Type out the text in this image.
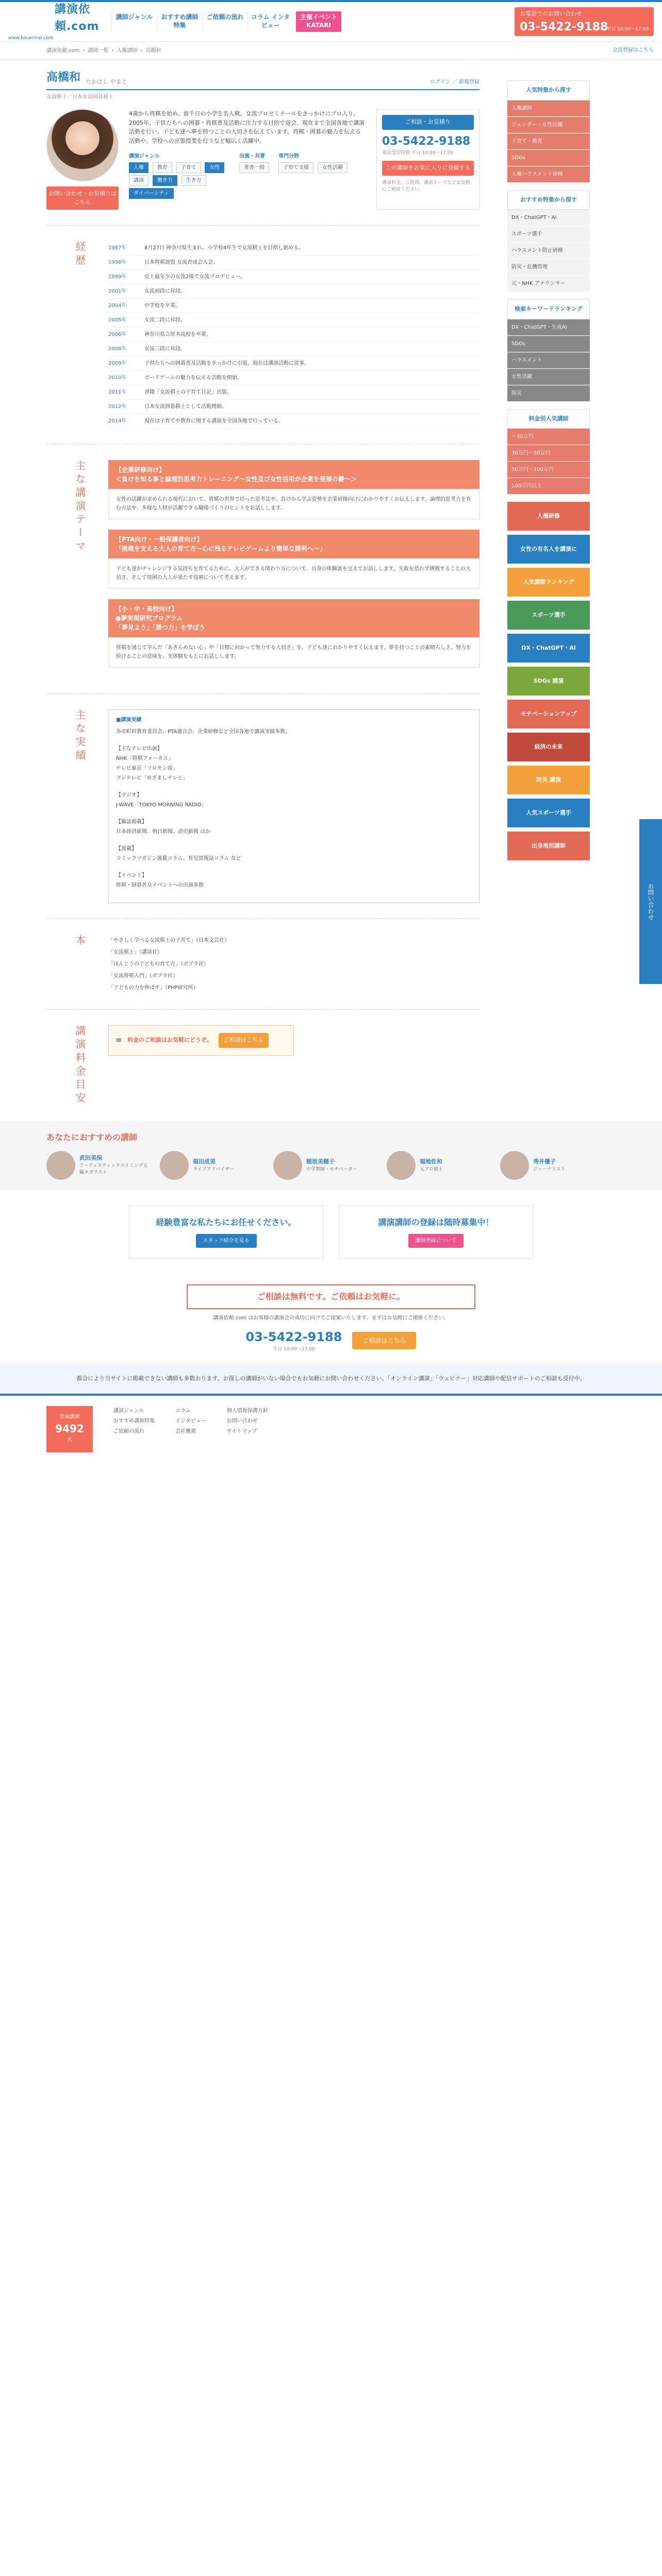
講演依頼.com
www.kouenirai.com
講師ジャンル	おすすめ講師特集
ご依頼の流れ	コラム インタビュー
主催イベント KATARI
お電話でのお問い合わせ
03-5422-9188
平日 10:00〜17:00
会員登録はこちら
講演依頼.com › 講師一覧 › 人権講師 › 高橋和
高橋和 たかはし やまと	ログイン ／ 新規登録
女流棋士／日本女流囲碁棋士
お問い合わせ・お見積りはこちら

4歳から将棋を始め、前千日の小学生名人戦、女流プロゼミナールをきっかけにプロ入り。2005年、子供たちへの囲碁・将棋普及活動に注力する目的で退会。現在まで全国各地で講演活動を行い、子ども達へ夢を持つことの大切さを伝えています。将棋・囲碁の魅力を伝える活動や、学校への出張授業を行うなど幅広く活躍中。

講演ジャンル
人権	教育	子育て	女性 講演	働き方	生き方 ダイバーシティ
出演・共著
著書一冊
専門分野
子育て支援	女性活躍
ご相談・お見積り
03-5422-9188
電話受付時間 平日 10:00〜17:00
この講師をお気に入りに登録する
講演料金、ご質問、講演テーマなどお気軽にご相談ください。
経歴	1987年	8月27日 神奈川県生まれ。小学校4年生で女流棋士を目指し始める。
1998年	日本将棋連盟 女流育成会入会。
1999年	史上最年少の女流2級で女流プロデビュー。
2001年	女流初段に昇段。
2004年	中学校を卒業。
2005年	女流二段に昇段。
2006年	神奈川県立厚木高校を卒業。
2008年	女流三段に昇段。
2009年	子供たちへの囲碁普及活動をきっかけに引退。現在は講演活動に従事。
2010年	ボードゲームの魅力を伝える活動を開始。
2011年	書籍「女流棋士の子育て日記」出版。
2012年	日本女流囲碁棋士として活動開始。
2014年	現在は子育てや教育に関する講演を全国各地で行っている。
主な講演テーマ	【企業研修向け】
＜負けを知る事と論理的思考力トレーニング〜女性及び女性活用が企業を発展の鍵〜＞
女性の活躍が求められる現代において、将棋の世界で培った思考法や、負けから学ぶ姿勢を企業研修向けにわかりやすくお伝えします。論理的思考力を育む方法や、多様な人材が活躍できる職場づくりのヒントをお話しします。
【PTA向け・一般保護者向け】
「挑戦を支える大人の育て方〜心に残るテレビゲームより簡単な勝利へ〜」
子ども達がチャレンジする気持ちを育てるために、大人ができる関わり方について、自身の体験談を交えてお話しします。失敗を恐れず挑戦することの大切さ、そして周囲の大人が果たす役割について考えます。
【小・中・高校向け】
●夢実現研究プログラム
「夢見よう」「勝つ力」を学ぼう
将棋を通じて学んだ「あきらめない心」や「目標に向かって努力する大切さ」を、子ども達にわかりやすく伝えます。夢を持つことの素晴らしさ、努力を続けることの意味を、実体験をもとにお話しします。
主な実績	■講演実績
各市町村教育委員会、PTA連合会、企業研修など全国各地で講演実績多数。
【主なテレビ出演】
NHK「将棋フォーカス」
テレビ東京「ソロモン流」
フジテレビ「めざましテレビ」
【ラジオ】
J-WAVE「TOKYO MORNING RADIO」
【雑誌掲載】
日本経済新聞、朝日新聞、読売新聞 ほか
【連載】
コミックマガジン連載コラム、育児情報誌コラム など
【イベント】
将棋・囲碁普及イベントへの出演多数
本	「やさしく学べる女流棋士の子育て」（日本文芸社）
「女流棋士」（講談社）
「ほんとうの子どもの育て方」（ポプラ社）
「女流将棋入門」（ポプラ社）
「子どもの力を伸ばす」（PHP研究所）
講演料金目安	✉ 料金のご相談はお気軽にどうぞ。	ご相談はこちら
人気特集から探す
人権講師
ジェンダー・女性活躍
子育て・教育
SDGs
人権ハラスメント研修
おすすめ特集から探す
DX・ChatGPT・AI
スポーツ選手
ハラスメント防止研修
防災・危機管理
元・NHK アナウンサー
検索キーワードランキング
DX・ChatGPT・生成AI
SDGs
ハラスメント
女性活躍
防災
料金別人気講師
〜30万円
30万円〜50万円
50万円〜100万円
100万円以上
人権研修
女性の有名人を講演に
人気講師ランキング
スポーツ選手
DX・ChatGPT・AI
SDGs 講演
モチベーションアップ
経済の未来
防災 講演
人気スポーツ選手
出身地別講師
あなたにおすすめの講師
武田美保
アーティスティックスイミング五輪メダリスト
福田成美
ライフアドバイザー
稲坂美穂子
中学教師・モチベーター
福地佐和
元プロ棋士
秀井優子
ジャーナリスト
経験豊富な私たちにお任せください。
スタッフ紹介を見る
講演講師の登録は随時募集中！
講師登録について
ご相談は無料です。ご依頼はお気軽に。
講演依頼.com はお客様の講演会の成功に向けてご提案いたします。まずはお気軽にご連絡ください。
03-5422-9188
平日 10:00〜17:00
ご相談はこちら
都合により当サイトに掲載できない講師も多数おります。お探しの講師がいない場合でもお気軽にお問い合わせください。「オンライン講演」「ウェビナー」対応講師や配信サポートのご相談も受付中。
登録講師
9492
名
講演ジャンル
おすすめ講師特集
ご依頼の流れ
コラム
インタビュー
会社概要
個人情報保護方針
お問い合わせ
サイトマップ
お問い合わせ
